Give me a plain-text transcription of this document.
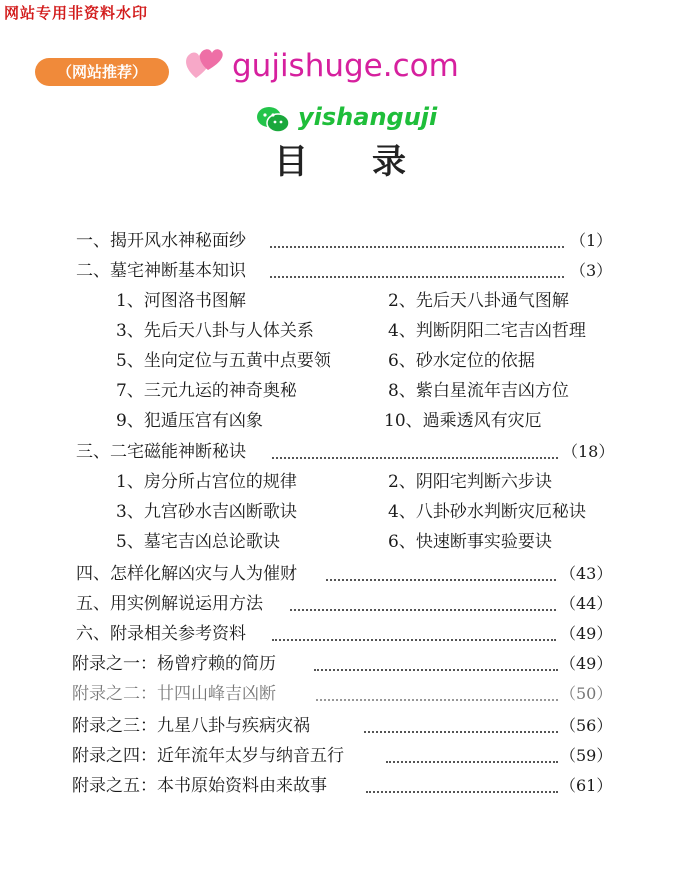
网站专用非资料水印
（网站推荐）	gujishuge.com
yishanguji
目 录
一、揭开风水神秘面纱	（1）
二、墓宅神断基本知识	（3）
1、河图洛书图解	2、先后天八卦通气图解
3、先后天八卦与人体关系	4、判断阴阳二宅吉凶哲理
5、坐向定位与五黄中点要领	6、砂水定位的依据
7、三元九运的神奇奥秘	8、紫白星流年吉凶方位
9、犯遁压宫有凶象	10、過乘透风有灾厄
三、二宅磁能神断秘诀	（18）
1、房分所占宫位的规律	2、阴阳宅判断六步诀
3、九宫砂水吉凶断歌诀	4、八卦砂水判断灾厄秘诀
5、墓宅吉凶总论歌诀	6、快速断事实验要诀
四、怎样化解凶灾与人为催财	（43）
五、用实例解说运用方法	（44）
六、附录相关参考资料	（49）
附录之一：杨曾疗赖的简历	（49）
附录之二：廿四山峰吉凶断	（50）
附录之三：九星八卦与疾病灾祸	（56）
附录之四：近年流年太岁与纳音五行	（59）
附录之五：本书原始资料由来故事	（61）
